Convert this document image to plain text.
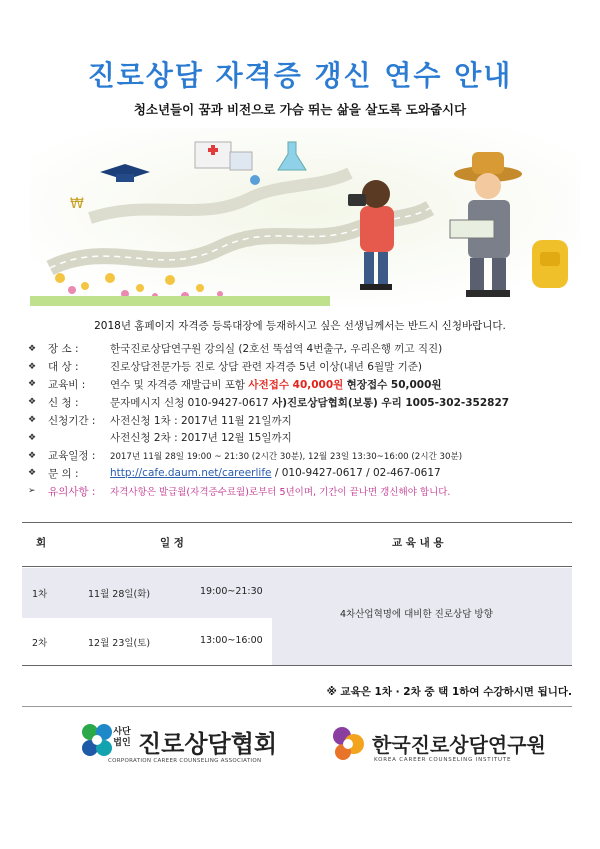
진로상담 자격증 갱신 연수 안내
청소년들이 꿈과 비전으로 가슴 뛰는 삶을 살도록 도와줍시다
₩
2018년 홈페이지 자격증 등록대장에 등재하시고 싶은 선생님께서는 반드시 신청바랍니다.
❖	장 소 :	한국진로상담연구원 강의실 (2호선 뚝섬역 4번출구, 우리은행 끼고 직진)
❖	대 상 :	진로상담전문가등 진로 상담 관련 자격증 5년 이상(내년 6월말 기준)
❖	교육비 :	연수 및 자격증 재발급비 포함 사전접수 40,000원 현장접수 50,000원
❖	신 청 :	문자메시지 신청 010-9427-0617 사)진로상담협회(보통) 우리 1005-302-352827
❖	신청기간 :	사전신청 1차 : 2017년 11월 21일까지
❖	사전신청 2차 : 2017년 12월 15일까지
❖	교육일정 :	2017년 11월 28일 19:00 ~ 21:30 (2시간 30분), 12월 23일 13:30~16:00 (2시간 30분)
❖	문 의 :	http://cafe.daum.net/careerlife / 010-9427-0617 / 02-467-0617
➢	유의사항 :	자격사항은 발급월(자격증수료월)로부터 5년이며, 기간이 끝나면 갱신해야 합니다.
회	일 정	교 육 내 용
1차	11월 28일(화)	19:00~21:30
2차	12월 23일(토)	13:00~16:00
4차산업혁명에 대비한 진로상담 방향
※ 교육은 1차 · 2차 중 택 1하여 수강하시면 됩니다.
사단법인 진로상담협회
CORPORATION CAREER COUNSELING ASSOCIATION
한국진로상담연구원
KOREA CAREER COUNSELING INSTITUTE
